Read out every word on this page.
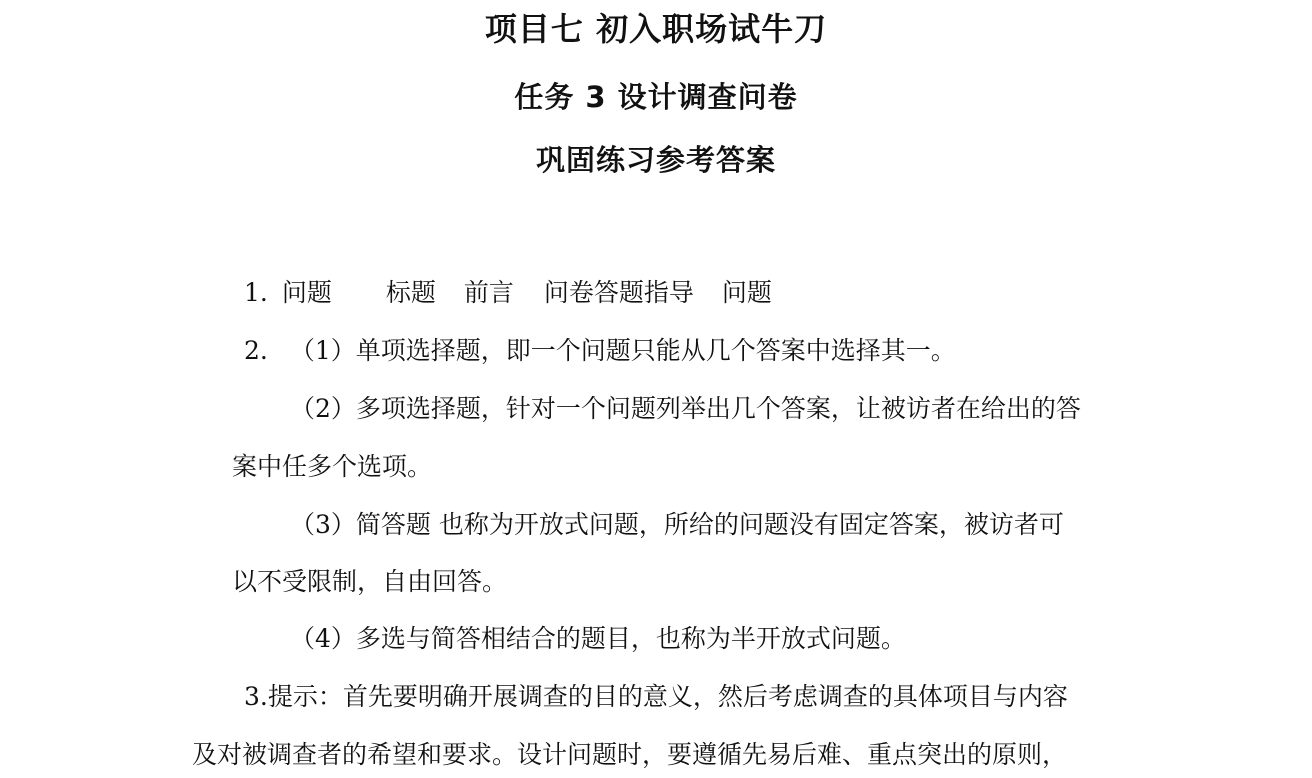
项目七 初入职场试牛刀
任务 3 设计调查问卷
巩固练习参考答案
1. 问题 标题 前言 问卷答题指导 问题
2. （1）单项选择题，即一个问题只能从几个答案中选择其一。
（2）多项选择题，针对一个问题列举出几个答案，让被访者在给出的答
案中任多个选项。
（3）简答题 也称为开放式问题，所给的问题没有固定答案，被访者可
以不受限制，自由回答。
（4）多选与简答相结合的题目，也称为半开放式问题。
3.提示：首先要明确开展调查的目的意义，然后考虑调查的具体项目与内容
及对被调查者的希望和要求。设计问题时，要遵循先易后难、重点突出的原则，
